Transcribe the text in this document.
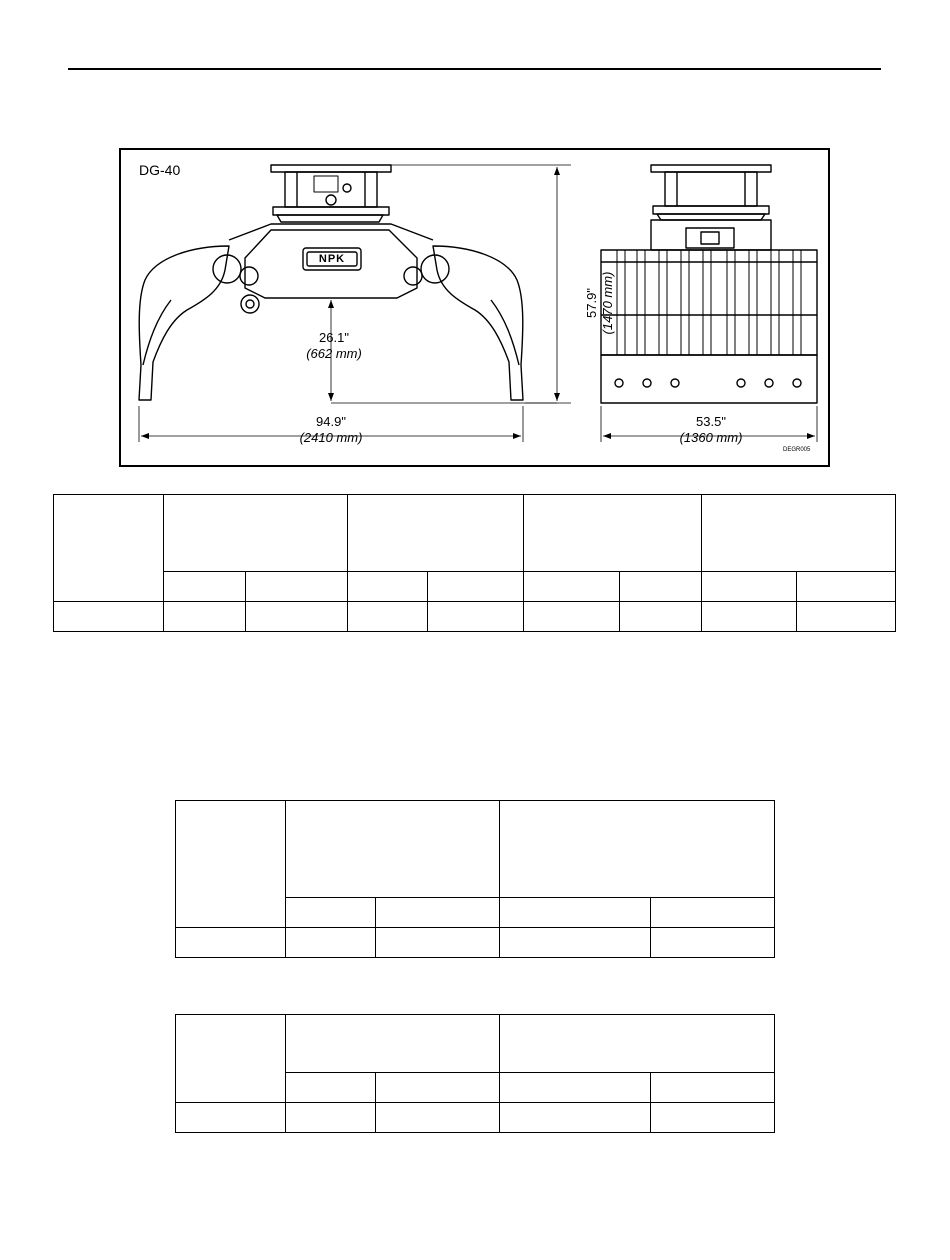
DG-40
NPK
57.9" (1470 mm)
26.1"
(662 mm)
94.9"
(2410 mm)
53.5"
(1360 mm)
DEGR005
